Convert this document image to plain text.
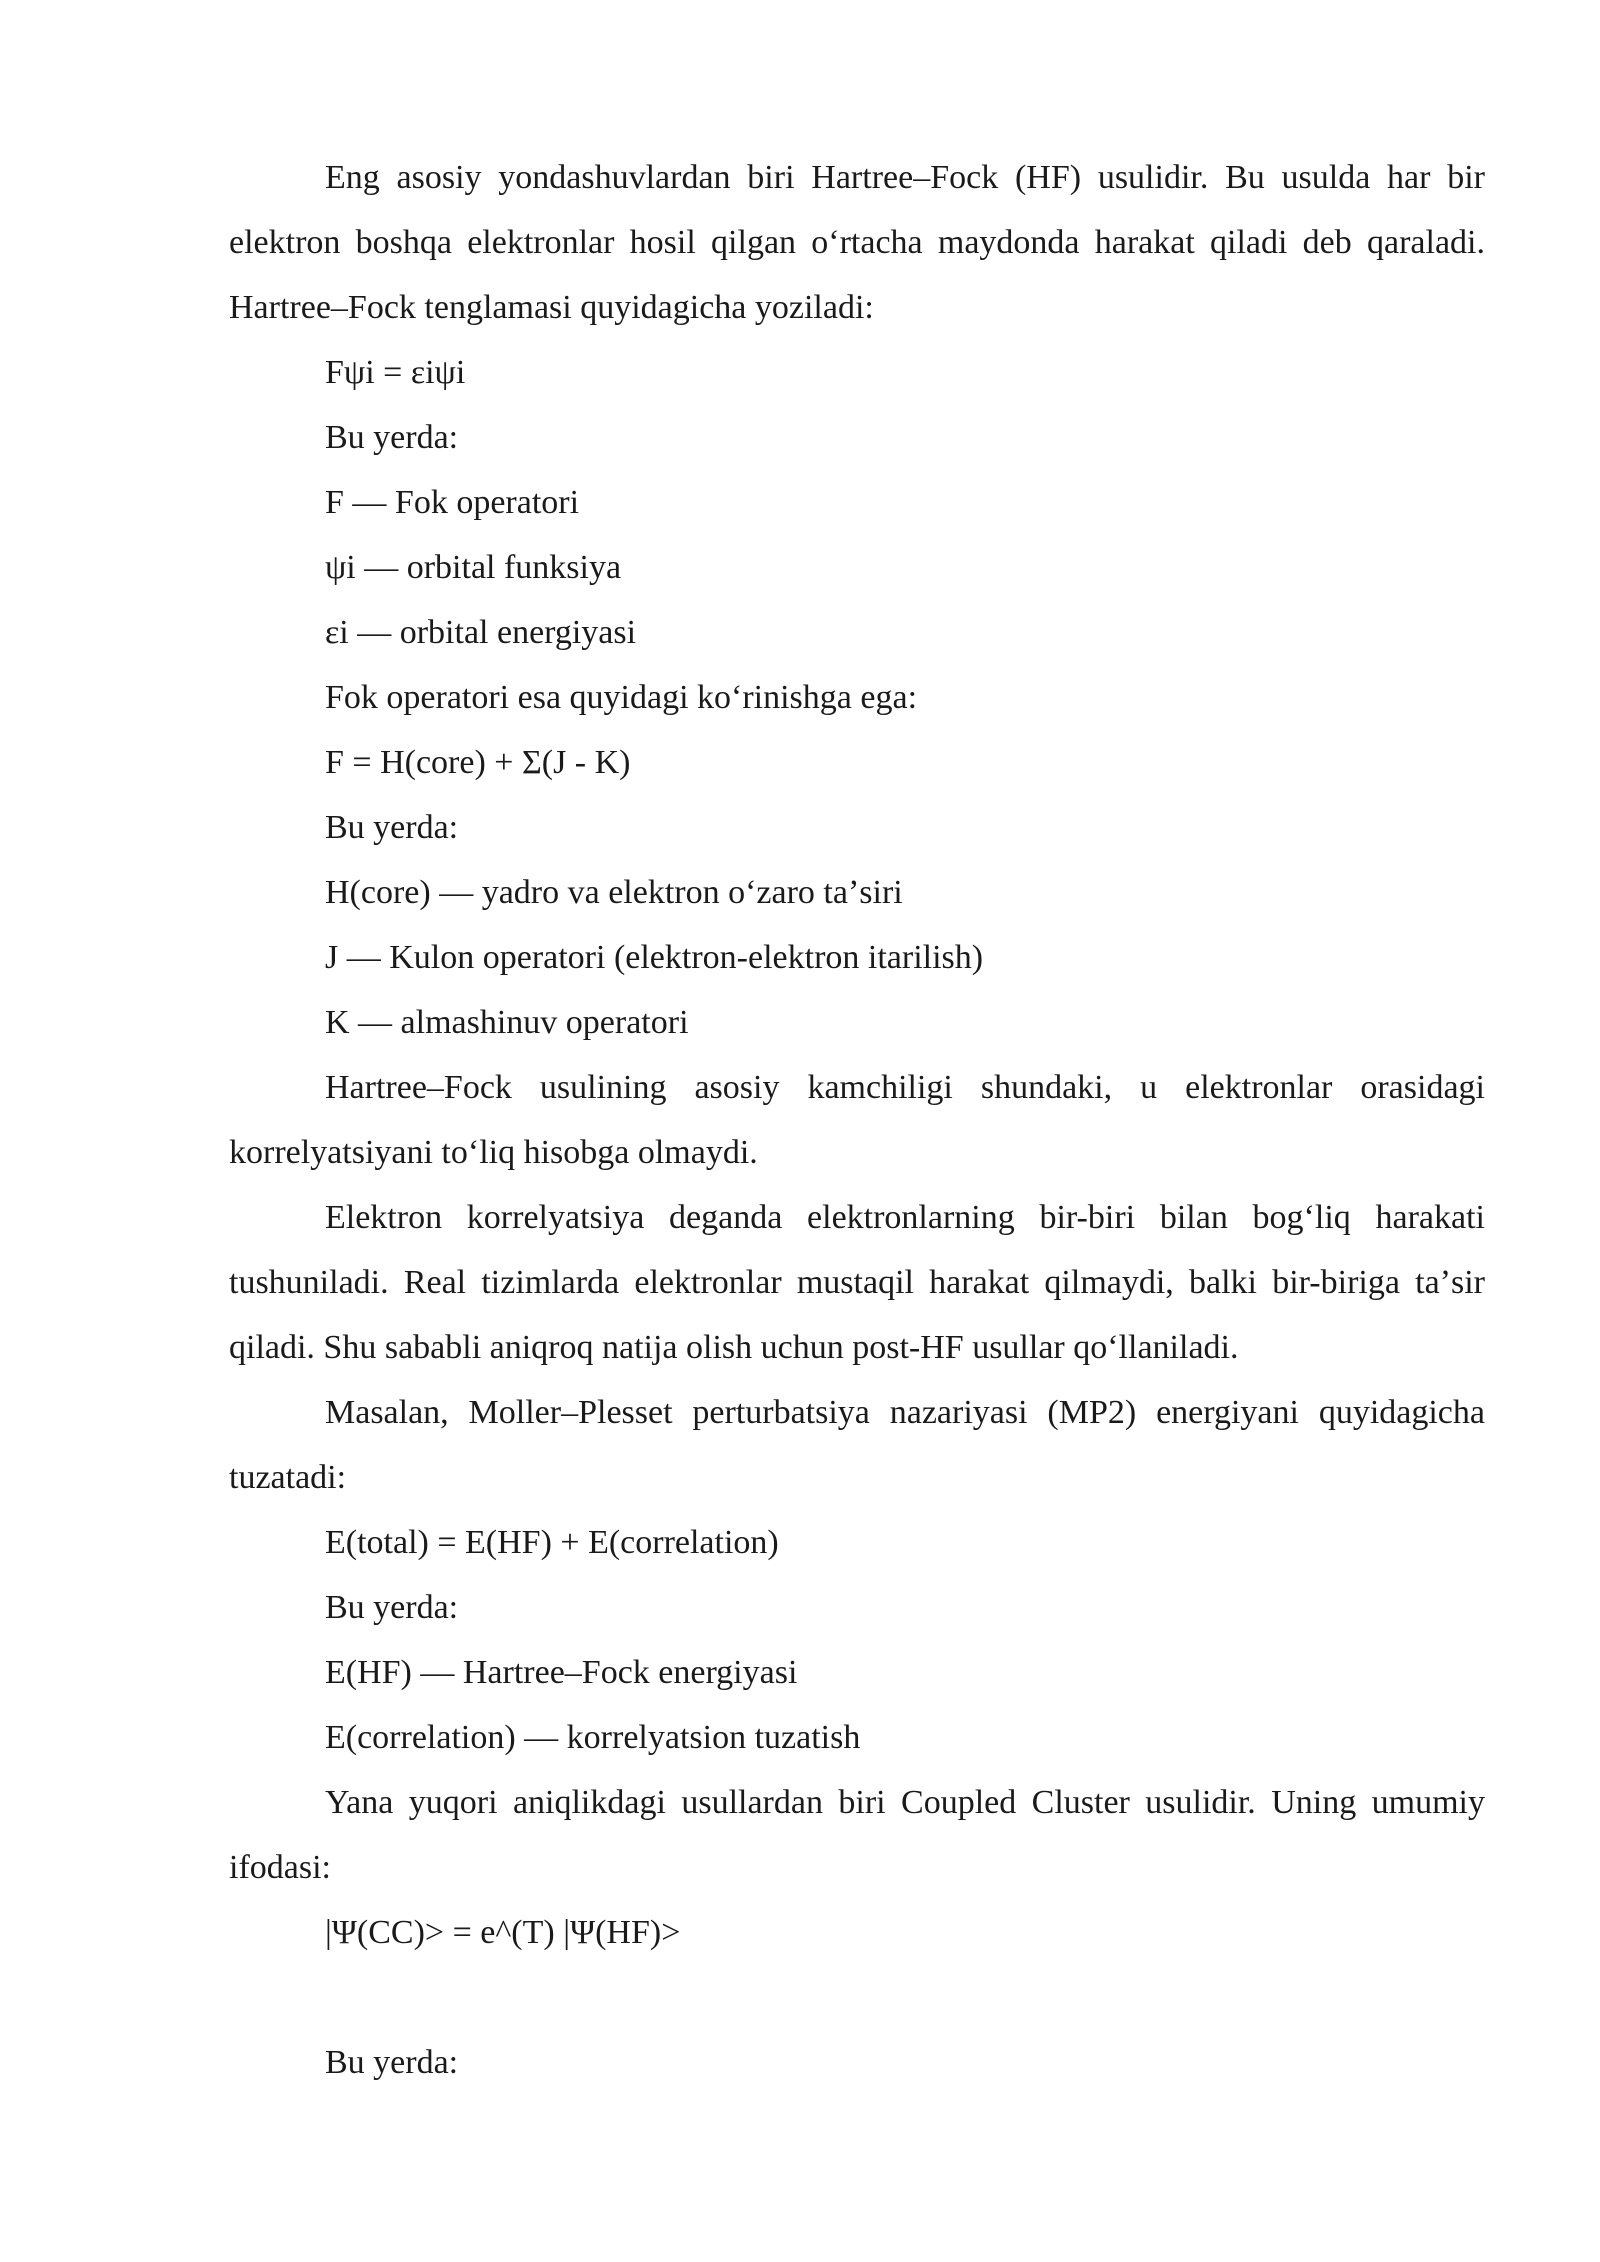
Eng asosiy yondashuvlardan biri Hartree–Fock (HF) usulidir. Bu usulda har bir elektron boshqa elektronlar hosil qilgan oʻrtacha maydonda harakat qiladi deb qaraladi. Hartree–Fock tenglamasi quyidagicha yoziladi:

Fψi = εiψi

Bu yerda:

F — Fok operatori

ψi — orbital funksiya

εi — orbital energiyasi

Fok operatori esa quyidagi koʻrinishga ega:

F = H(core) + Σ(J - K)

Bu yerda:

H(core) — yadro va elektron oʻzaro taʼsiri

J — Kulon operatori (elektron-elektron itarilish)

K — almashinuv operatori

Hartree–Fock usulining asosiy kamchiligi shundaki, u elektronlar orasidagi korrelyatsiyani toʻliq hisobga olmaydi.

Elektron korrelyatsiya deganda elektronlarning bir-biri bilan bogʻliq harakati tushuniladi. Real tizimlarda elektronlar mustaqil harakat qilmaydi, balki bir-biriga taʼsir qiladi. Shu sababli aniqroq natija olish uchun post-HF usullar qoʻllaniladi.

Masalan, Moller–Plesset perturbatsiya nazariyasi (MP2) energiyani quyidagicha tuzatadi:

E(total) = E(HF) + E(correlation)

Bu yerda:

E(HF) — Hartree–Fock energiyasi

E(correlation) — korrelyatsion tuzatish

Yana yuqori aniqlikdagi usullardan biri Coupled Cluster usulidir. Uning umumiy ifodasi:

|Ψ(CC)> = e^(T) |Ψ(HF)>

Bu yerda:
